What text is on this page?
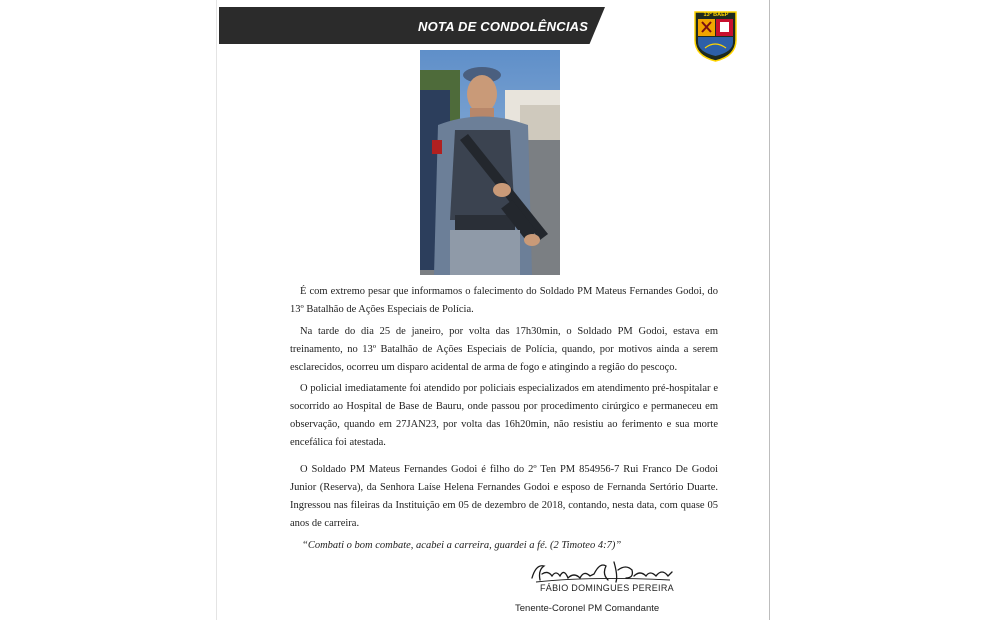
NOTA DE CONDOLÊNCIAS
13º BAEP

É com extremo pesar que informamos o falecimento do Soldado PM Mateus Fernandes Godoi, do 13º Batalhão de Ações Especiais de Polícia.

Na tarde do dia 25 de janeiro, por volta das 17h30min, o Soldado PM Godoi, estava em treinamento, no 13º Batalhão de Ações Especiais de Polícia, quando, por motivos ainda a serem esclarecidos, ocorreu um disparo acidental de arma de fogo e atingindo a região do pescoço.

O policial imediatamente foi atendido por policiais especializados em atendimento pré-hospitalar e socorrido ao Hospital de Base de Bauru, onde passou por procedimento cirúrgico e permaneceu em observação, quando em 27JAN23, por volta das 16h20min, não resistiu ao ferimento e sua morte encefálica foi atestada.

O Soldado PM Mateus Fernandes Godoi é filho do 2º Ten PM 854956-7 Rui Franco De Godoi Junior (Reserva), da Senhora Laíse Helena Fernandes Godoi e esposo de Fernanda Sertório Duarte. Ingressou nas fileiras da Instituição em 05 de dezembro de 2018, contando, nesta data, com quase 05 anos de carreira.

“Combati o bom combate, acabei a carreira, guardei a fé. (2 Timoteo 4:7)”
FÁBIO DOMINGUES PEREIRA
Tenente-Coronel PM Comandante
